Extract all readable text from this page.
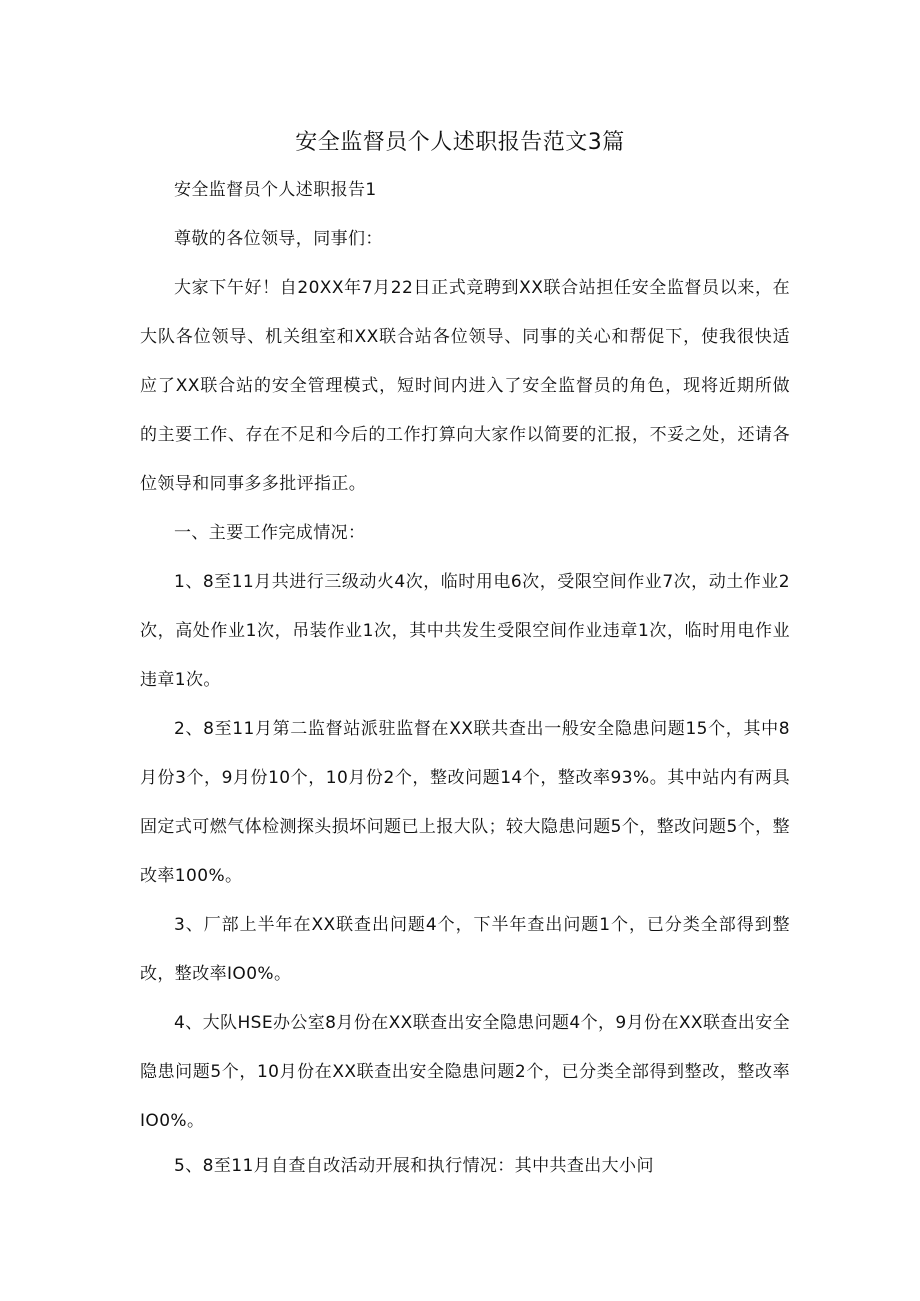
安全监督员个人述职报告范文3篇

安全监督员个人述职报告1

尊敬的各位领导，同事们：

大家下午好！自20XX年7月22日正式竞聘到XX联合站担任安全监督员以来，在大队各位领导、机关组室和XX联合站各位领导、同事的关心和帮促下，使我很快适应了XX联合站的安全管理模式，短时间内进入了安全监督员的角色，现将近期所做的主要工作、存在不足和今后的工作打算向大家作以简要的汇报，不妥之处，还请各位领导和同事多多批评指正。

一、主要工作完成情况：

1、8至11月共进行三级动火4次，临时用电6次，受限空间作业7次，动土作业2次，高处作业1次，吊装作业1次，其中共发生受限空间作业违章1次，临时用电作业违章1次。

2、8至11月第二监督站派驻监督在XX联共查出一般安全隐患问题15个，其中8月份3个，9月份10个，10月份2个，整改问题14个，整改率93%。其中站内有两具固定式可燃气体检测探头损坏问题已上报大队；较大隐患问题5个，整改问题5个，整改率100%。

3、厂部上半年在XX联查出问题4个，下半年查出问题1个，已分类全部得到整改，整改率IO0%。

4、大队HSE办公室8月份在XX联查出安全隐患问题4个，9月份在XX联查出安全隐患问题5个，10月份在XX联查出安全隐患问题2个，已分类全部得到整改，整改率IO0%。

5、8至11月自查自改活动开展和执行情况：其中共查出大小问
